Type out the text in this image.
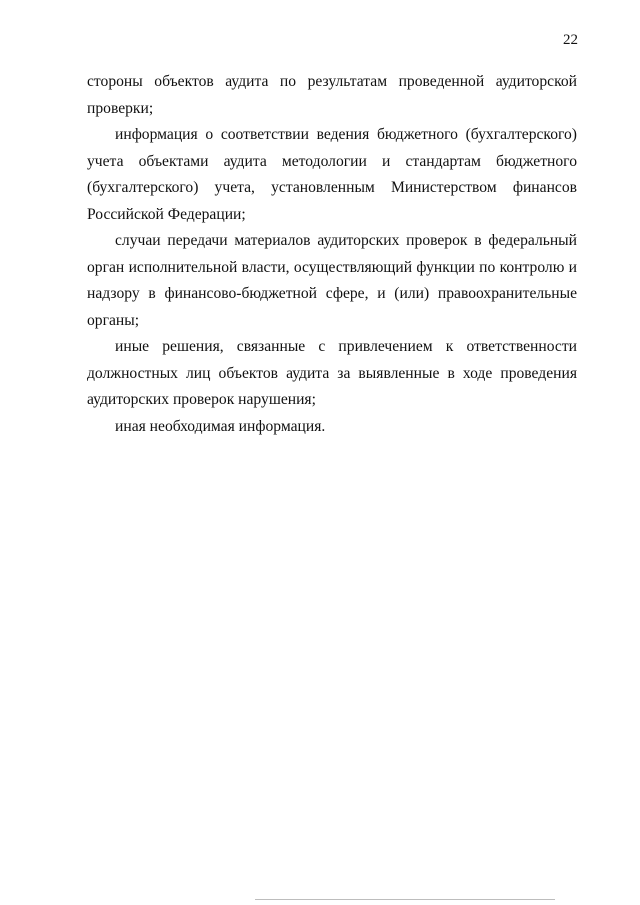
22
стороны объектов аудита по результатам проведенной аудиторской
проверки;
информация о соответствии ведения бюджетного (бухгалтерского)
учета объектами аудита методологии и стандартам бюджетного
(бухгалтерского) учета, установленным Министерством финансов
Российской Федерации;
случаи передачи материалов аудиторских проверок в федеральный
орган исполнительной власти, осуществляющий функции по контролю и
надзору в финансово-бюджетной сфере, и (или) правоохранительные
органы;
иные решения, связанные с привлечением к ответственности
должностных лиц объектов аудита за выявленные в ходе проведения
аудиторских проверок нарушения;
иная необходимая информация.
